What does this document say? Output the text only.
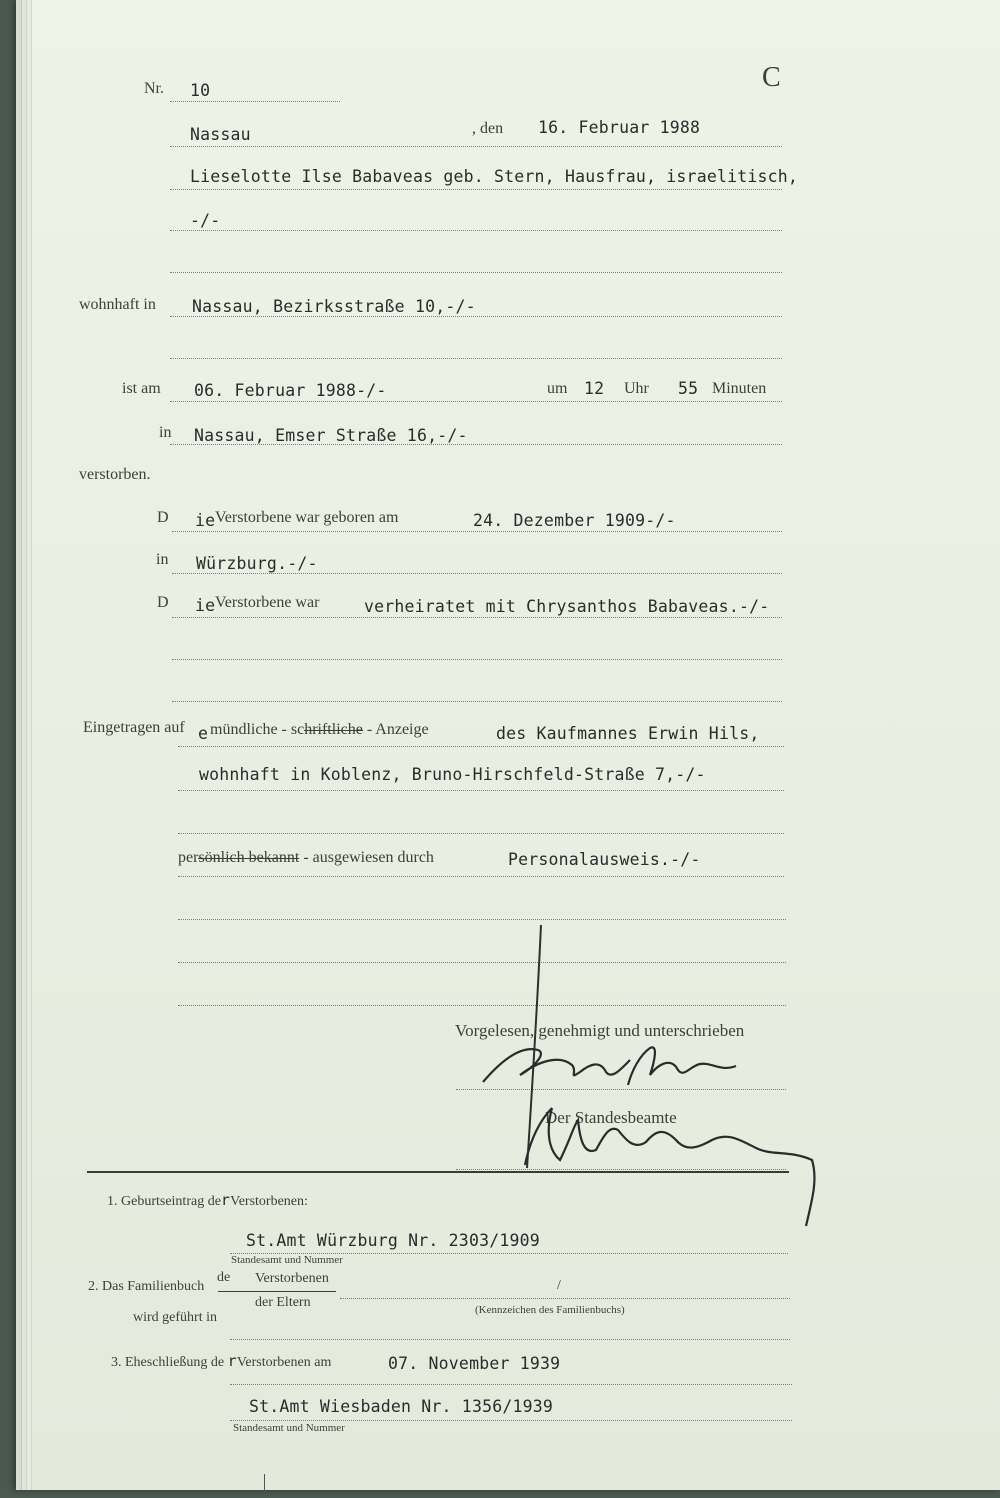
C
Nr. 10
Nassau	, den 16. Februar 1988
Lieselotte Ilse Babaveas geb. Stern, Hausfrau, israelitisch,
-/-
wohnhaft in Nassau, Bezirksstraße 10,-/-
ist am 06. Februar 1988-/-	um 12 Uhr 55 Minuten
in Nassau, Emser Straße 16,-/-
verstorben.
D ie Verstorbene war geboren am	24. Dezember 1909-/-
in Würzburg.-/-
D ie Verstorbene war	verheiratet mit Chrysanthos Babaveas.-/-
Eingetragen auf e mündliche - schriftliche - Anzeige	des Kaufmannes Erwin Hils,
wohnhaft in Koblenz, Bruno-Hirschfeld-Straße 7,-/-
persönlich bekannt - ausgewiesen durch	Personalausweis.-/-
Vorgelesen, genehmigt und unterschrieben
Der Standesbeamte
1. Geburtseintrag derVerstorbenen:
St.Amt Würzburg Nr. 2303/1909
Standesamt und Nummer
2. Das Familienbuch
de Verstorbenen
der Eltern
/
(Kennzeichen des Familienbuchs)
wird geführt in
3. Eheschließung de rVerstorbenen am	07. November 1939
St.Amt Wiesbaden Nr. 1356/1939
Standesamt und Nummer
